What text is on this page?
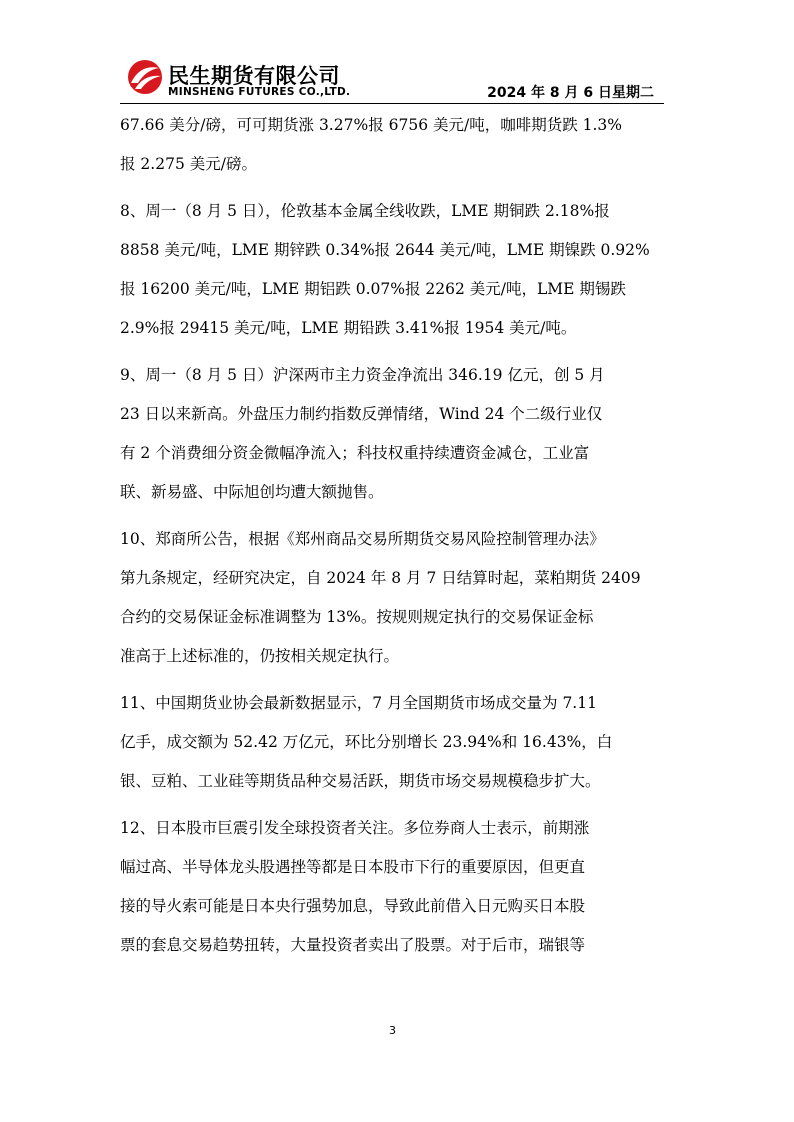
民生期货有限公司
MINSHENG FUTURES CO.,LTD.	2024 年 8 月 6 日星期二

67.66 美分/磅，可可期货涨 3.27%报 6756 美元/吨，咖啡期货跌 1.3%
报 2.275 美元/磅。

8、周一（8 月 5 日），伦敦基本金属全线收跌，LME 期铜跌 2.18%报
8858 美元/吨，LME 期锌跌 0.34%报 2644 美元/吨，LME 期镍跌 0.92%
报 16200 美元/吨，LME 期铝跌 0.07%报 2262 美元/吨，LME 期锡跌
2.9%报 29415 美元/吨，LME 期铅跌 3.41%报 1954 美元/吨。

9、周一（8 月 5 日）沪深两市主力资金净流出 346.19 亿元，创 5 月
23 日以来新高。外盘压力制约指数反弹情绪，Wind 24 个二级行业仅
有 2 个消费细分资金微幅净流入；科技权重持续遭资金减仓，工业富
联、新易盛、中际旭创均遭大额抛售。

10、郑商所公告，根据《郑州商品交易所期货交易风险控制管理办法》
第九条规定，经研究决定，自 2024 年 8 月 7 日结算时起，菜粕期货 2409
合约的交易保证金标准调整为 13%。按规则规定执行的交易保证金标
准高于上述标准的，仍按相关规定执行。

11、中国期货业协会最新数据显示，7 月全国期货市场成交量为 7.11
亿手，成交额为 52.42 万亿元，环比分别增长 23.94%和 16.43%，白
银、豆粕、工业硅等期货品种交易活跃，期货市场交易规模稳步扩大。

12、日本股市巨震引发全球投资者关注。多位券商人士表示，前期涨
幅过高、半导体龙头股遇挫等都是日本股市下行的重要原因，但更直
接的导火索可能是日本央行强势加息，导致此前借入日元购买日本股
票的套息交易趋势扭转，大量投资者卖出了股票。对于后市，瑞银等

3
